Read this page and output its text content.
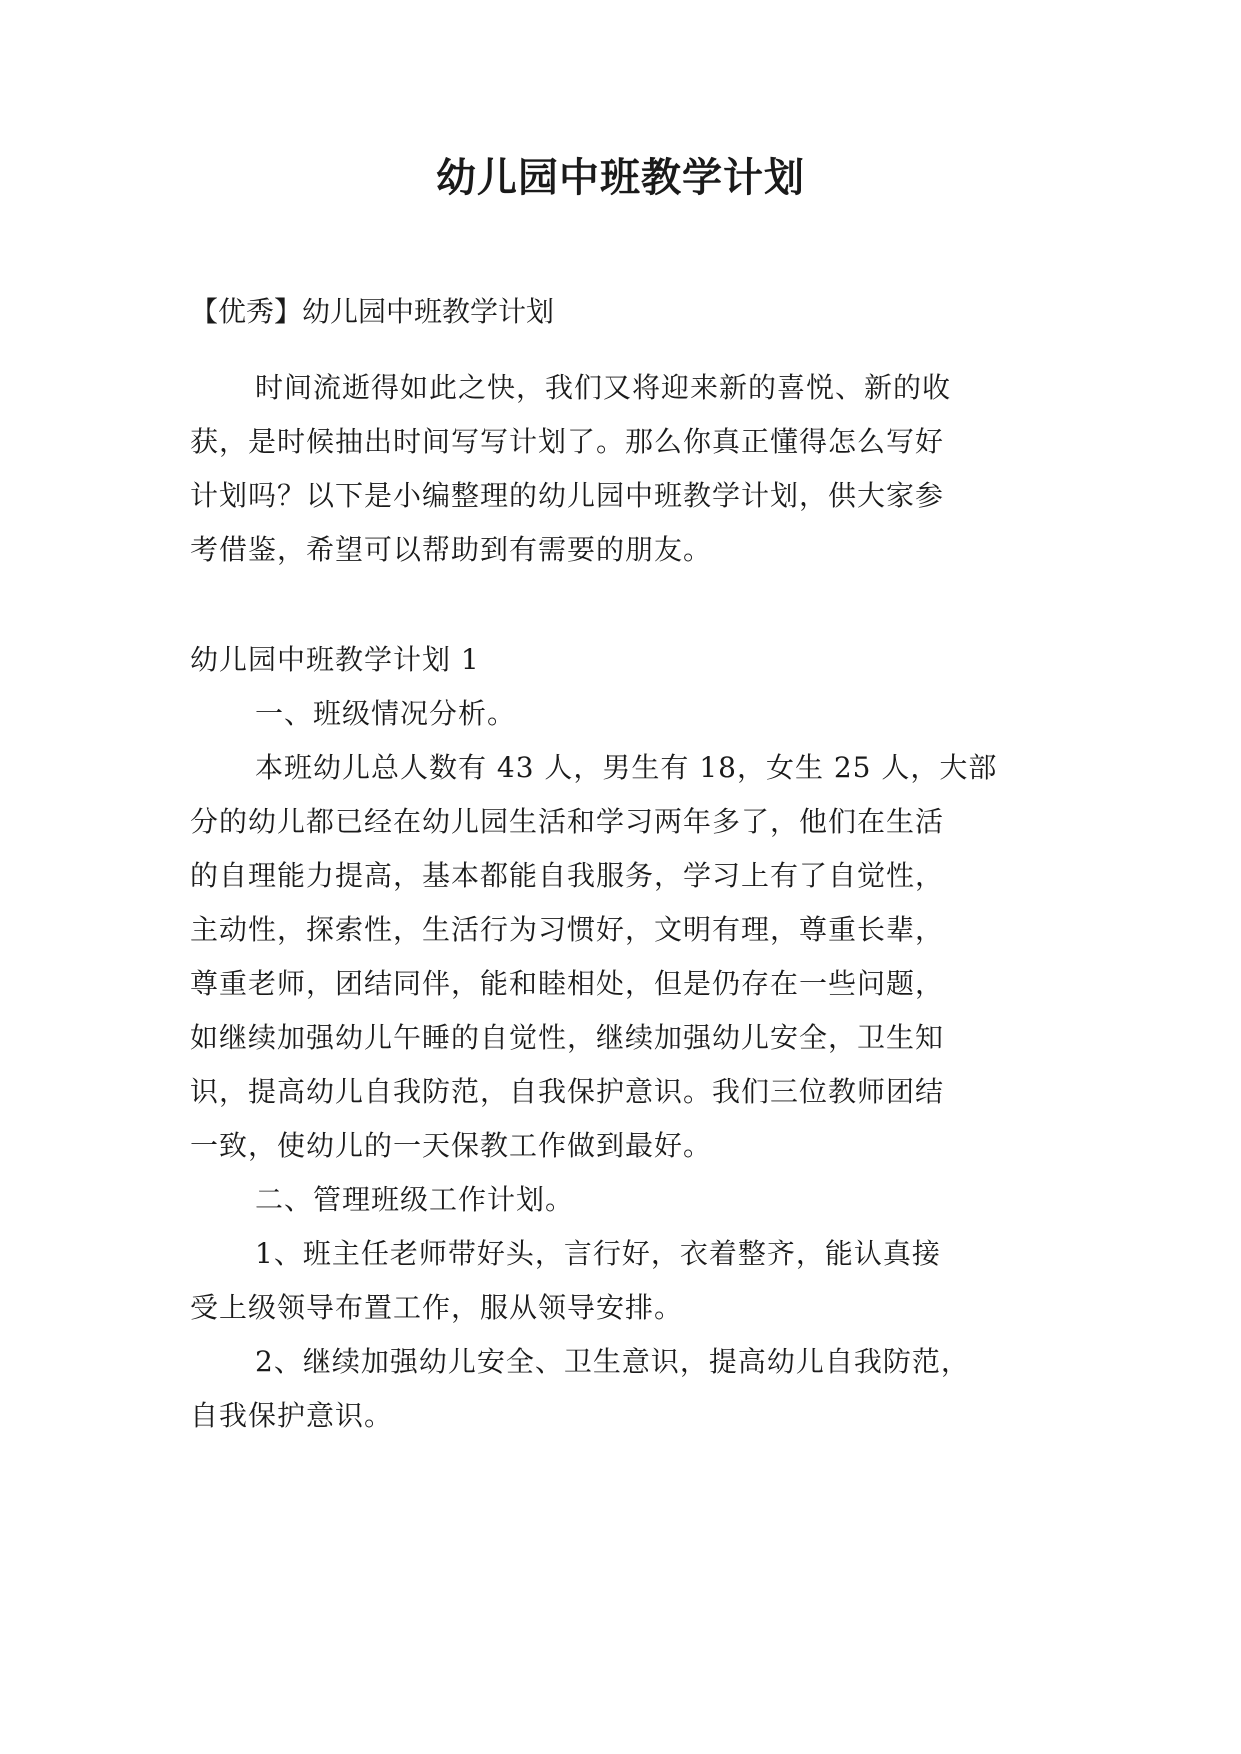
幼儿园中班教学计划
【优秀】幼儿园中班教学计划
时间流逝得如此之快，我们又将迎来新的喜悦、新的收
获，是时候抽出时间写写计划了。那么你真正懂得怎么写好
计划吗？以下是小编整理的幼儿园中班教学计划，供大家参
考借鉴，希望可以帮助到有需要的朋友。
幼儿园中班教学计划 1
一、班级情况分析。
本班幼儿总人数有 43 人，男生有 18，女生 25 人，大部
分的幼儿都已经在幼儿园生活和学习两年多了，他们在生活
的自理能力提高，基本都能自我服务，学习上有了自觉性，
主动性，探索性，生活行为习惯好，文明有理，尊重长辈，
尊重老师，团结同伴，能和睦相处，但是仍存在一些问题，
如继续加强幼儿午睡的自觉性，继续加强幼儿安全，卫生知
识，提高幼儿自我防范，自我保护意识。我们三位教师团结
一致，使幼儿的一天保教工作做到最好。
二、管理班级工作计划。
1、班主任老师带好头，言行好，衣着整齐，能认真接
受上级领导布置工作，服从领导安排。
2、继续加强幼儿安全、卫生意识，提高幼儿自我防范，
自我保护意识。
